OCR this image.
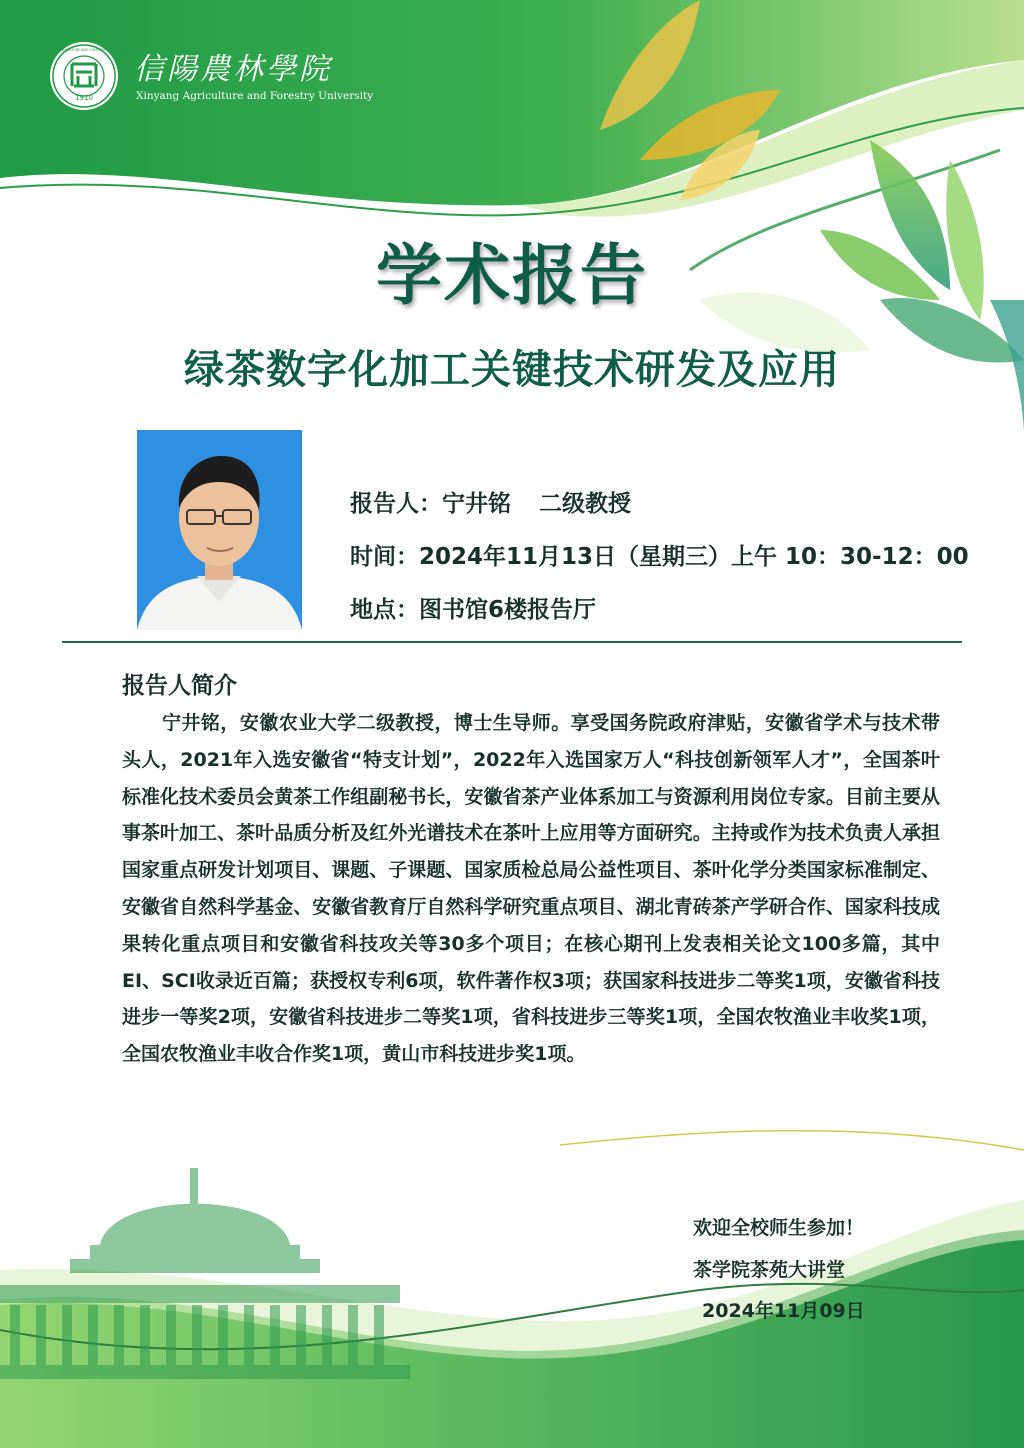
1910
XINYANG AGRICULTURE AND FORESTRY UNIVERSITY
信陽農林學院
Xinyang Agriculture and Forestry University
学术报告
绿茶数字化加工关键技术研发及应用
报告人：宁井铭 二级教授
时间：2024年11月13日（星期三）上午 10：30-12：00
地点：图书馆6楼报告厅
报告人简介
宁井铭，安徽农业大学二级教授，博士生导师。享受国务院政府津贴，安徽省学术与技术带头人，2021年入选安徽省“特支计划”，2022年入选国家万人“科技创新领军人才”，全国茶叶标准化技术委员会黄茶工作组副秘书长，安徽省茶产业体系加工与资源利用岗位专家。目前主要从事茶叶加工、茶叶品质分析及红外光谱技术在茶叶上应用等方面研究。主持或作为技术负责人承担国家重点研发计划项目、课题、子课题、国家质检总局公益性项目、茶叶化学分类国家标准制定、安徽省自然科学基金、安徽省教育厅自然科学研究重点项目、湖北青砖茶产学研合作、国家科技成果转化重点项目和安徽省科技攻关等30多个项目；在核心期刊上发表相关论文100多篇，其中EI、SCI收录近百篇；获授权专利6项，软件著作权3项；获国家科技进步二等奖1项，安徽省科技进步一等奖2项，安徽省科技进步二等奖1项，省科技进步三等奖1项，全国农牧渔业丰收奖1项，全国农牧渔业丰收合作奖1项，黄山市科技进步奖1项。
欢迎全校师生参加！
茶学院茶苑大讲堂
2024年11月09日
